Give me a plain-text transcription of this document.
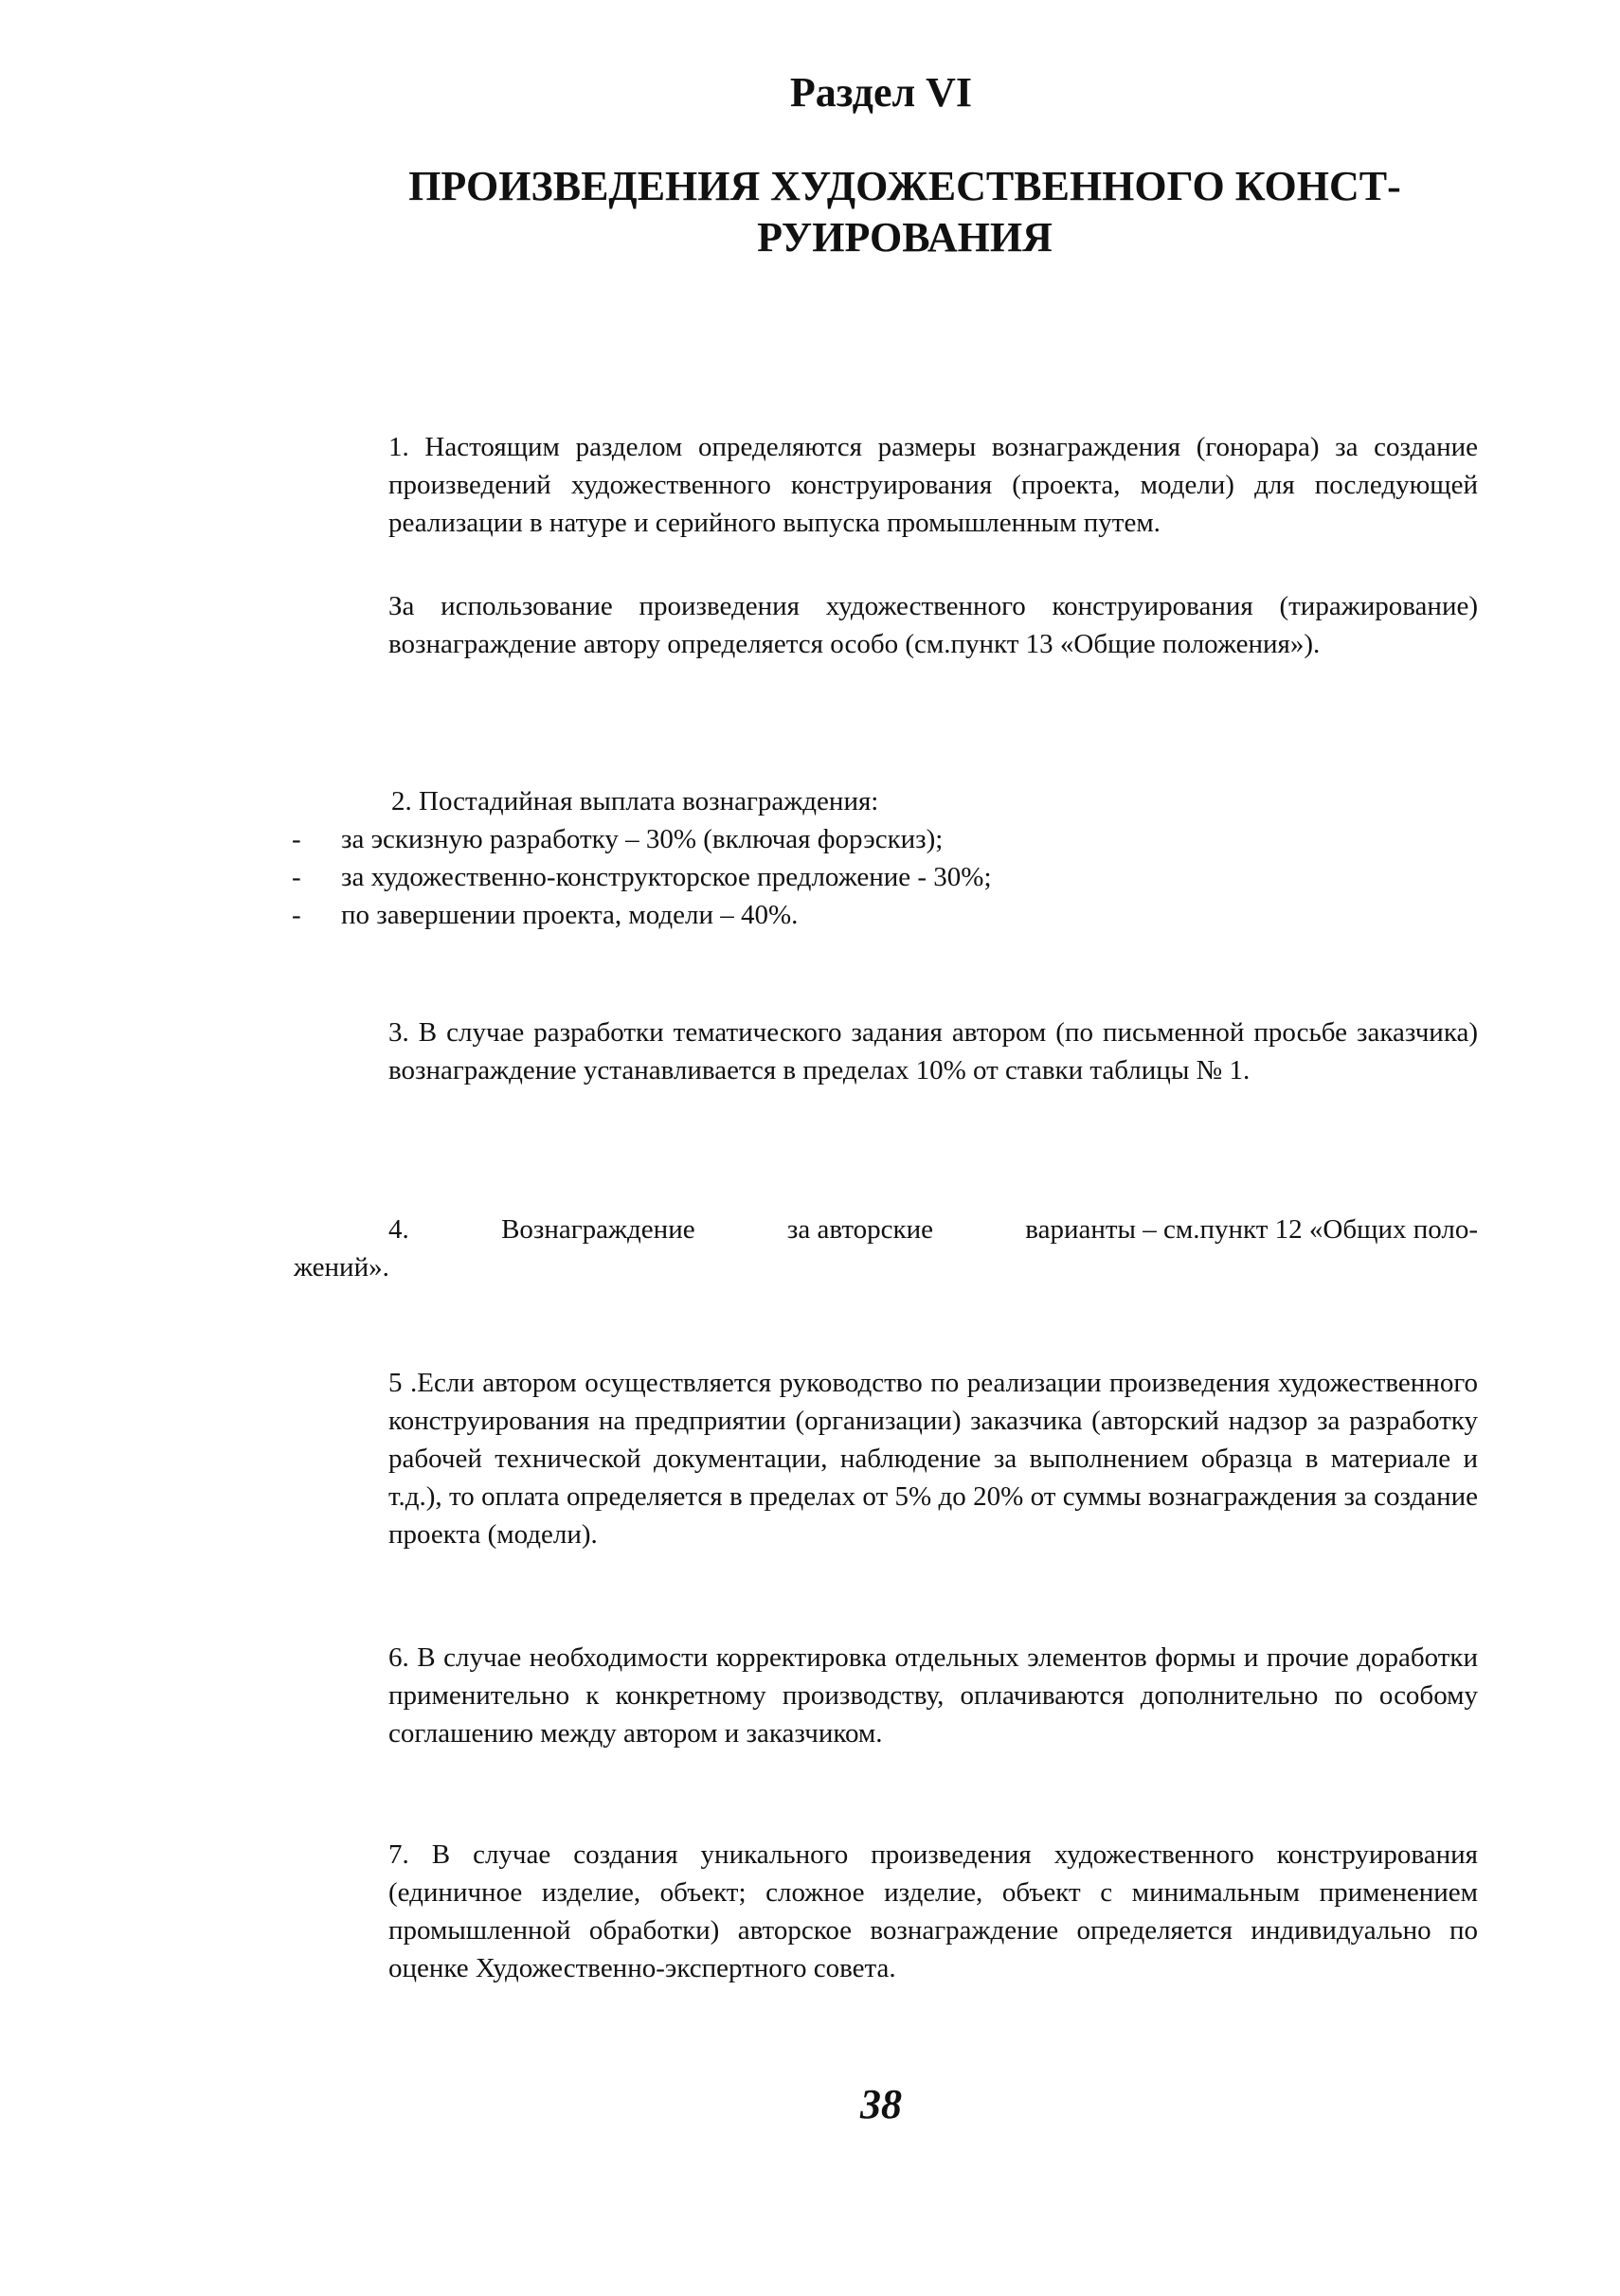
Раздел VI
ПРОИЗВЕДЕНИЯ ХУДОЖЕСТВЕННОГО КОНСТ-
РУИРОВАНИЯ
1. Настоящим разделом определяются размеры вознаграждения (гонорара) за создание произведений художественного конструирования (проекта, модели) для последующей реализации в натуре и серийного выпуска промышленным путем.
За использование произведения художественного конструирования (тиражирование) вознаграждение автору определяется особо (см.пункт 13 «Общие положения»).
2. Постадийная выплата вознаграждения:
- за эскизную разработку – 30% (включая форэскиз);
- за художественно-конструкторское предложение - 30%;
- по завершении проекта, модели – 40%.
3. В случае разработки тематического задания автором (по письменной просьбе заказчика) вознаграждение устанавливается в пределах 10% от ставки таблицы № 1.
4.	Вознаграждение	за авторские	варианты – см.пункт 12 «Общих поло-
жений».
5 .Если автором осуществляется руководство по реализации произведения художественного конструирования на предприятии (организации) заказчика (авторский надзор за разработку рабочей технической документации, наблюдение за выполнением образца в материале и т.д.), то оплата определяется в пределах от 5% до 20% от суммы вознаграждения за создание проекта (модели).
6. В случае необходимости корректировка отдельных элементов формы и прочие доработки применительно к конкретному производству, оплачиваются дополнительно по особому соглашению между автором и заказчиком.
7. В случае создания уникального произведения художественного конструирования (единичное изделие, объект; сложное изделие, объект с минимальным применением промышленной обработки) авторское вознаграждение определяется индивидуально по оценке Художественно-экспертного совета.
38
